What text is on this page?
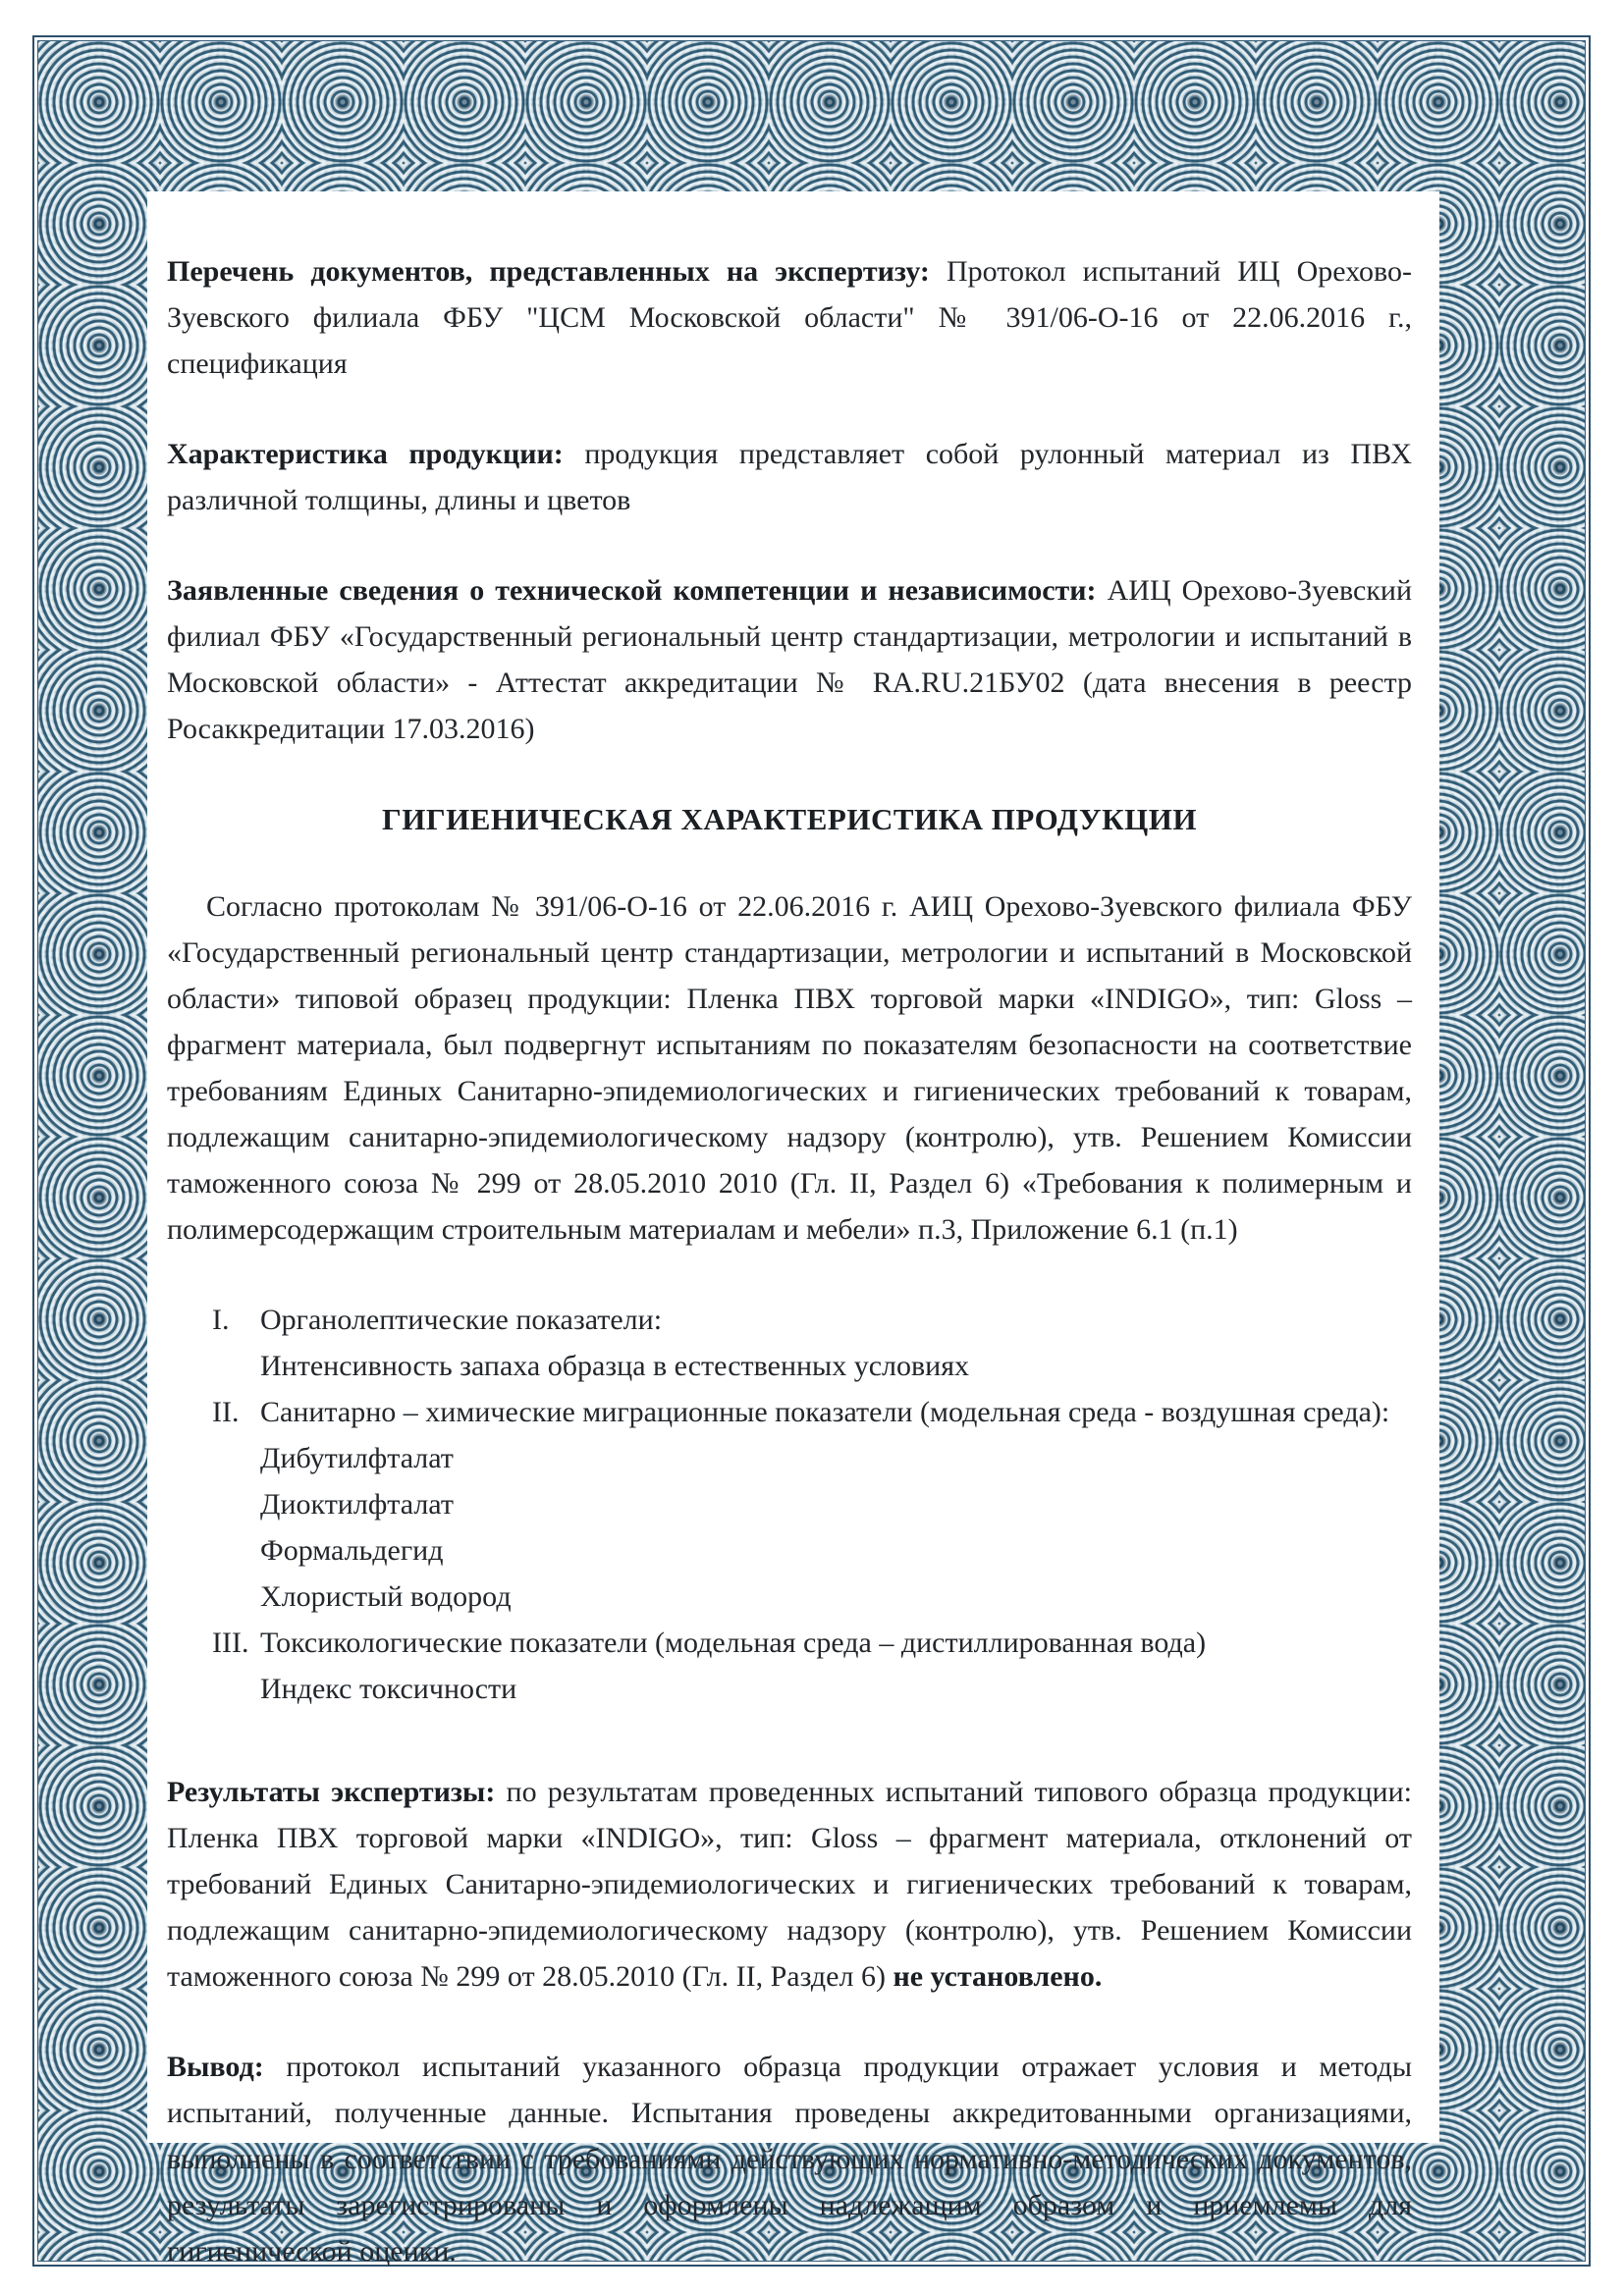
Перечень документов, представленных на экспертизу: Протокол испытаний ИЦ Орехово-Зуевского филиала ФБУ "ЦСМ Московской области" № 391/06-О-16 от 22.06.2016 г., спецификация

Характеристика продукции: продукция представляет собой рулонный материал из ПВХ различной толщины, длины и цветов

Заявленные сведения о технической компетенции и независимости: АИЦ Орехово-Зуевский филиал ФБУ «Государственный региональный центр стандартизации, метрологии и испытаний в Московской области» - Аттестат аккредитации № RA.RU.21БУ02 (дата внесения в реестр Росаккредитации 17.03.2016)

ГИГИЕНИЧЕСКАЯ ХАРАКТЕРИСТИКА ПРОДУКЦИИ

Согласно протоколам № 391/06-О-16 от 22.06.2016 г. АИЦ Орехово-Зуевского филиала ФБУ «Государственный региональный центр стандартизации, метрологии и испытаний в Московской области» типовой образец продукции: Пленка ПВХ торговой марки «INDIGO», тип: Gloss – фрагмент материала, был подвергнут испытаниям по показателям безопасности на соответствие требованиям Единых Санитарно-эпидемиологических и гигиенических требований к товарам, подлежащим санитарно-эпидемиологическому надзору (контролю), утв. Решением Комиссии таможенного союза № 299 от 28.05.2010 2010 (Гл. II, Раздел 6) «Требования к полимерным и полимерсодержащим строительным материалам и мебели» п.3, Приложение 6.1 (п.1)

I.	Органолептические показатели:
Интенсивность запаха образца в естественных условиях
II. Санитарно – химические миграционные показатели (модельная среда - воздушная среда):
Дибутилфталат
Диоктилфталат
Формальдегид
Хлористый водород
III. Токсикологические показатели (модельная среда – дистиллированная вода)
Индекс токсичности

Результаты экспертизы: по результатам проведенных испытаний типового образца продукции: Пленка ПВХ торговой марки «INDIGO», тип: Gloss – фрагмент материала, отклонений от требований Единых Санитарно-эпидемиологических и гигиенических требований к товарам, подлежащим санитарно-эпидемиологическому надзору (контролю), утв. Решением Комиссии таможенного союза № 299 от 28.05.2010 (Гл. II, Раздел 6) не установлено.

Вывод: протокол испытаний указанного образца продукции отражает условия и методы испытаний, полученные данные. Испытания проведены аккредитованными организациями, выполнены в соответствии с требованиями действующих нормативно-методических документов, результаты зарегистрированы и оформлены надлежащим образом и приемлемы для гигиенической оценки.
